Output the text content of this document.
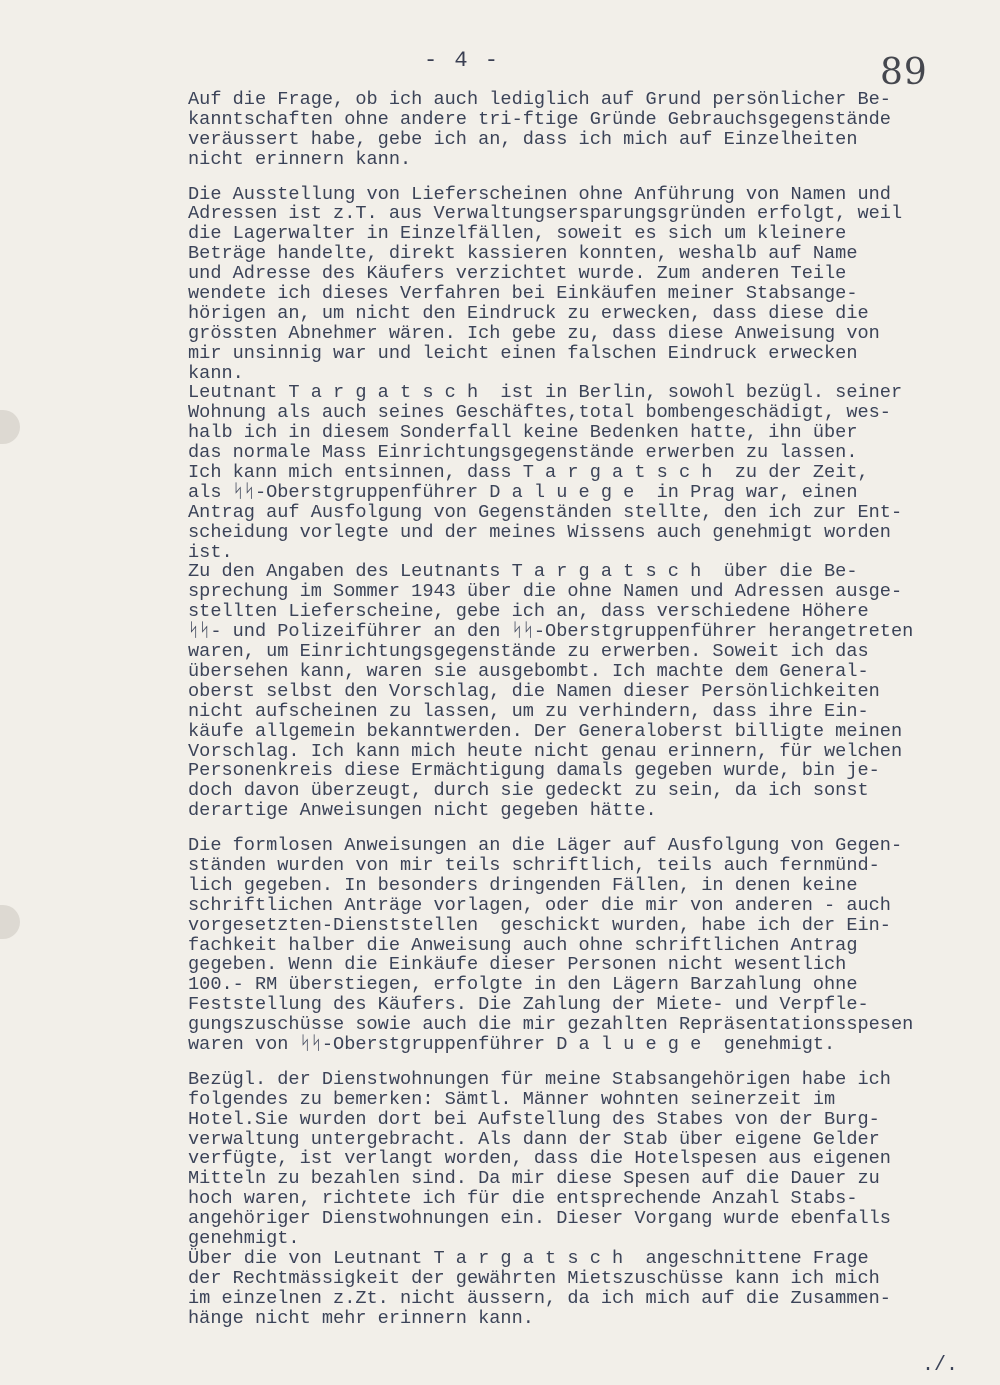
- 4 -	89
Auf die Frage, ob ich auch lediglich auf Grund persönlicher Be-
kanntschaften ohne andere tri-ftige Gründe Gebrauchsgegenstände
veräussert habe, gebe ich an, dass ich mich auf Einzelheiten
nicht erinnern kann.
Die Ausstellung von Lieferscheinen ohne Anführung von Namen und
Adressen ist z.T. aus Verwaltungsersparungsgründen erfolgt, weil
die Lagerwalter in Einzelfällen, soweit es sich um kleinere
Beträge handelte, direkt kassieren konnten, weshalb auf Name
und Adresse des Käufers verzichtet wurde. Zum anderen Teile
wendete ich dieses Verfahren bei Einkäufen meiner Stabsange-
hörigen an, um nicht den Eindruck zu erwecken, dass diese die
grössten Abnehmer wären. Ich gebe zu, dass diese Anweisung von
mir unsinnig war und leicht einen falschen Eindruck erwecken
kann.
Leutnant T a r g a t s c h  ist in Berlin, sowohl bezügl. seiner
Wohnung als auch seines Geschäftes,total bombengeschädigt, wes-
halb ich in diesem Sonderfall keine Bedenken hatte, ihn über
das normale Mass Einrichtungsgegenstände erwerben zu lassen.
Ich kann mich entsinnen, dass T a r g a t s c h  zu der Zeit,
als ᛋᛋ-Oberstgruppenführer D a l u e g e  in Prag war, einen
Antrag auf Ausfolgung von Gegenständen stellte, den ich zur Ent-
scheidung vorlegte und der meines Wissens auch genehmigt worden
ist.
Zu den Angaben des Leutnants T a r g a t s c h  über die Be-
sprechung im Sommer 1943 über die ohne Namen und Adressen ausge-
stellten Lieferscheine, gebe ich an, dass verschiedene Höhere
ᛋᛋ- und Polizeiführer an den ᛋᛋ-Oberstgruppenführer herangetreten
waren, um Einrichtungsgegenstände zu erwerben. Soweit ich das
übersehen kann, waren sie ausgebombt. Ich machte dem General-
oberst selbst den Vorschlag, die Namen dieser Persönlichkeiten
nicht aufscheinen zu lassen, um zu verhindern, dass ihre Ein-
käufe allgemein bekanntwerden. Der Generaloberst billigte meinen
Vorschlag. Ich kann mich heute nicht genau erinnern, für welchen
Personenkreis diese Ermächtigung damals gegeben wurde, bin je-
doch davon überzeugt, durch sie gedeckt zu sein, da ich sonst
derartige Anweisungen nicht gegeben hätte.
Die formlosen Anweisungen an die Läger auf Ausfolgung von Gegen-
ständen wurden von mir teils schriftlich, teils auch fernmünd-
lich gegeben. In besonders dringenden Fällen, in denen keine
schriftlichen Anträge vorlagen, oder die mir von anderen - auch
vorgesetzten-Dienststellen  geschickt wurden, habe ich der Ein-
fachkeit halber die Anweisung auch ohne schriftlichen Antrag
gegeben. Wenn die Einkäufe dieser Personen nicht wesentlich
100.- RM überstiegen, erfolgte in den Lägern Barzahlung ohne
Feststellung des Käufers. Die Zahlung der Miete- und Verpfle-
gungszuschüsse sowie auch die mir gezahlten Repräsentationsspesen
waren von ᛋᛋ-Oberstgruppenführer D a l u e g e  genehmigt.
Bezügl. der Dienstwohnungen für meine Stabsangehörigen habe ich
folgendes zu bemerken: Sämtl. Männer wohnten seinerzeit im
Hotel.Sie wurden dort bei Aufstellung des Stabes von der Burg-
verwaltung untergebracht. Als dann der Stab über eigene Gelder
verfügte, ist verlangt worden, dass die Hotelspesen aus eigenen
Mitteln zu bezahlen sind. Da mir diese Spesen auf die Dauer zu
hoch waren, richtete ich für die entsprechende Anzahl Stabs-
angehöriger Dienstwohnungen ein. Dieser Vorgang wurde ebenfalls
genehmigt.
Über die von Leutnant T a r g a t s c h  angeschnittene Frage
der Rechtmässigkeit der gewährten Mietszuschüsse kann ich mich
im einzelnen z.Zt. nicht äussern, da ich mich auf die Zusammen-
hänge nicht mehr erinnern kann.
./.
